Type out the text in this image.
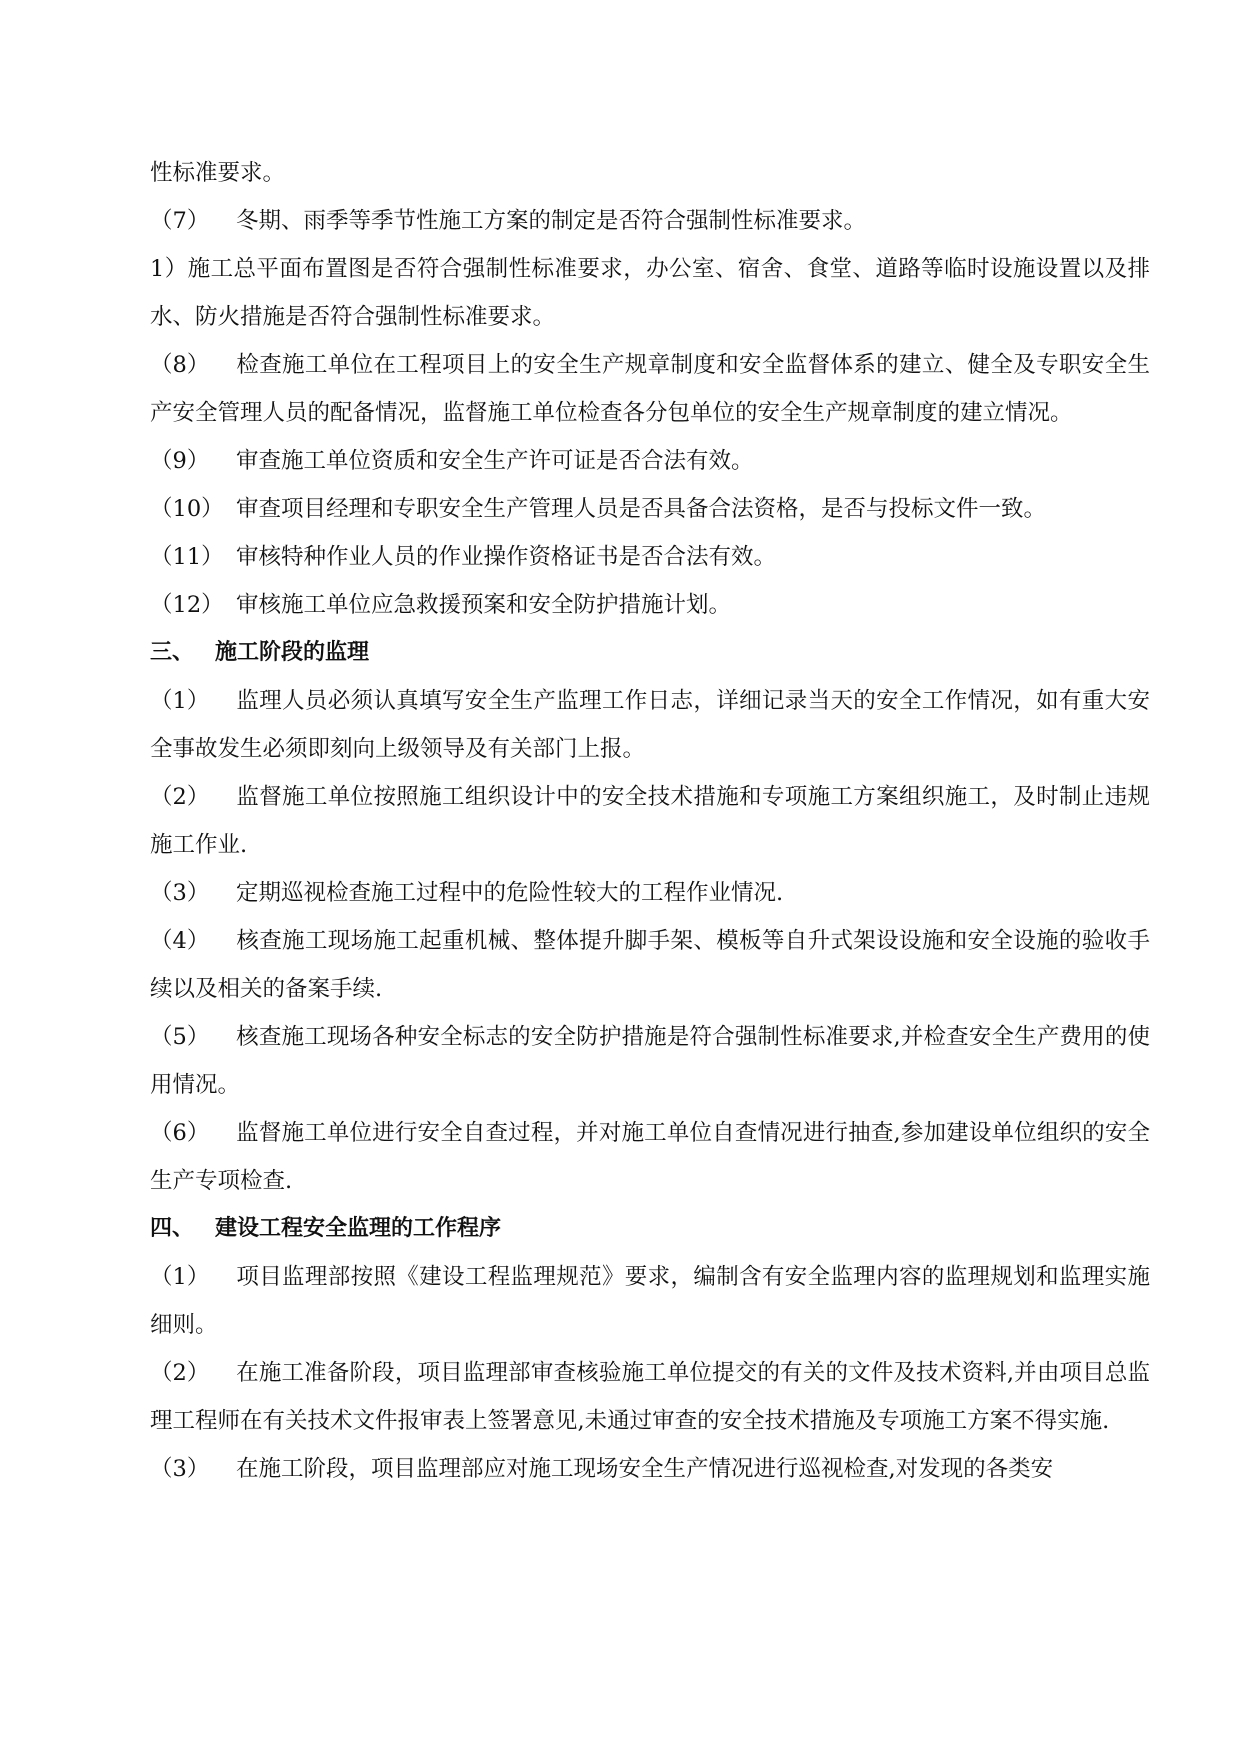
性标准要求。

（7） 冬期、雨季等季节性施工方案的制定是否符合强制性标准要求。

1）施工总平面布置图是否符合强制性标准要求，办公室、宿舍、食堂、道路等临时设施设置以及排水、防火措施是否符合强制性标准要求。

（8） 检查施工单位在工程项目上的安全生产规章制度和安全监督体系的建立、健全及专职安全生产安全管理人员的配备情况，监督施工单位检查各分包单位的安全生产规章制度的建立情况。

（9） 审查施工单位资质和安全生产许可证是否合法有效。

（10） 审查项目经理和专职安全生产管理人员是否具备合法资格，是否与投标文件一致。

（11） 审核特种作业人员的作业操作资格证书是否合法有效。

（12） 审核施工单位应急救援预案和安全防护措施计划。

三、 施工阶段的监理

（1） 监理人员必须认真填写安全生产监理工作日志，详细记录当天的安全工作情况，如有重大安全事故发生必须即刻向上级领导及有关部门上报。

（2） 监督施工单位按照施工组织设计中的安全技术措施和专项施工方案组织施工，及时制止违规施工作业.

（3） 定期巡视检查施工过程中的危险性较大的工程作业情况.

（4） 核查施工现场施工起重机械、整体提升脚手架、模板等自升式架设设施和安全设施的验收手续以及相关的备案手续.

（5） 核查施工现场各种安全标志的安全防护措施是符合强制性标准要求,并检查安全生产费用的使用情况。

（6） 监督施工单位进行安全自查过程，并对施工单位自查情况进行抽查,参加建设单位组织的安全生产专项检查.

四、 建设工程安全监理的工作程序

（1） 项目监理部按照《建设工程监理规范》要求，编制含有安全监理内容的监理规划和监理实施细则。

（2） 在施工准备阶段，项目监理部审查核验施工单位提交的有关的文件及技术资料,并由项目总监理工程师在有关技术文件报审表上签署意见,未通过审查的安全技术措施及专项施工方案不得实施.

（3） 在施工阶段，项目监理部应对施工现场安全生产情况进行巡视检查,对发现的各类安
